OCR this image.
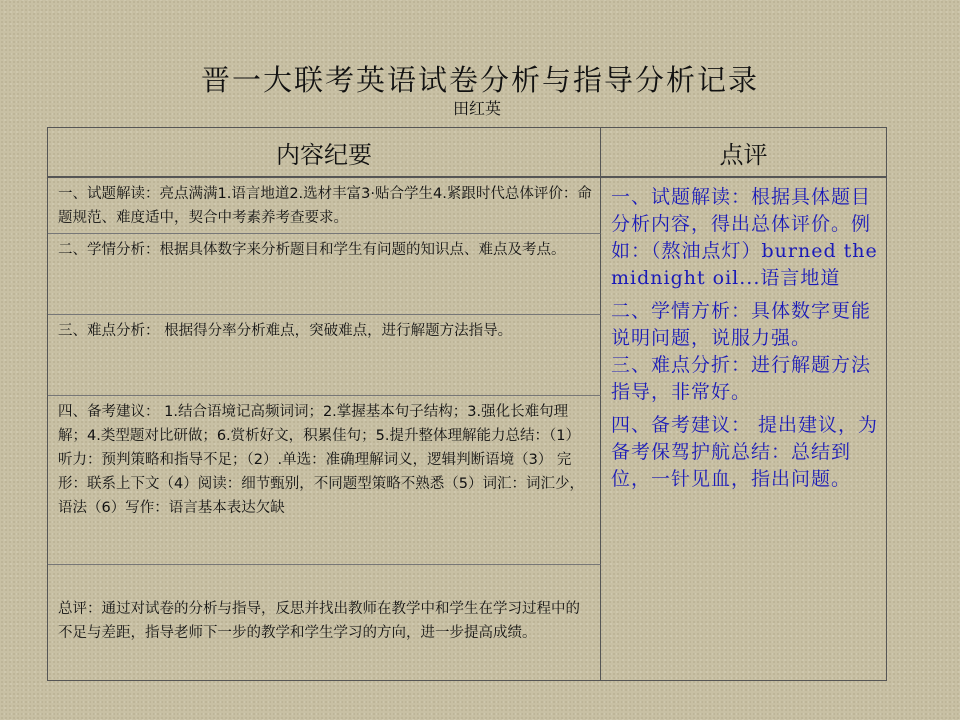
晋一大联考英语试卷分析与指导分析记录
田红英
内容纪要	点评
一、试题解读：亮点满满1.语言地道2.选材丰富3·贴合学生4.紧跟时代总体评价：命题规范、难度适中，契合中考素养考查要求。
二、学情分析：根据具体数字来分析题目和学生有问题的知识点、难点及考点。
三、难点分析： 根据得分率分析难点，突破难点，进行解题方法指导。
四、备考建议： 1.结合语境记高频词词；2.掌握基本句子结构；3.强化长难句理解；4.类型题对比研做；6.赏析好文，积累佳句；5.提升整体理解能力总结：（1）听力：预判策略和指导不足；（2）.单选：准确理解词义，逻辑判断语境（3） 完形：联系上下文（4）阅读：细节甄别，不同题型策略不熟悉（5）词汇：词汇少，语法（6）写作：语言基本表达欠缺
总评：通过对试卷的分析与指导，反思并找出教师在教学中和学生在学习过程中的不足与差距，指导老师下一步的教学和学生学习的方向，进一步提高成绩。

一、试题解读：根据具体题目分析内容，得出总体评价。例如：（熬油点灯）burned the midnight oil...语言地道

二、学情方析：具体数字更能说明问题，说服力强。

三、难点分折：进行解题方法指导，非常好。

四、备考建议： 提出建议，为备考保驾护航总结：总结到位，一针见血，指出问题。
